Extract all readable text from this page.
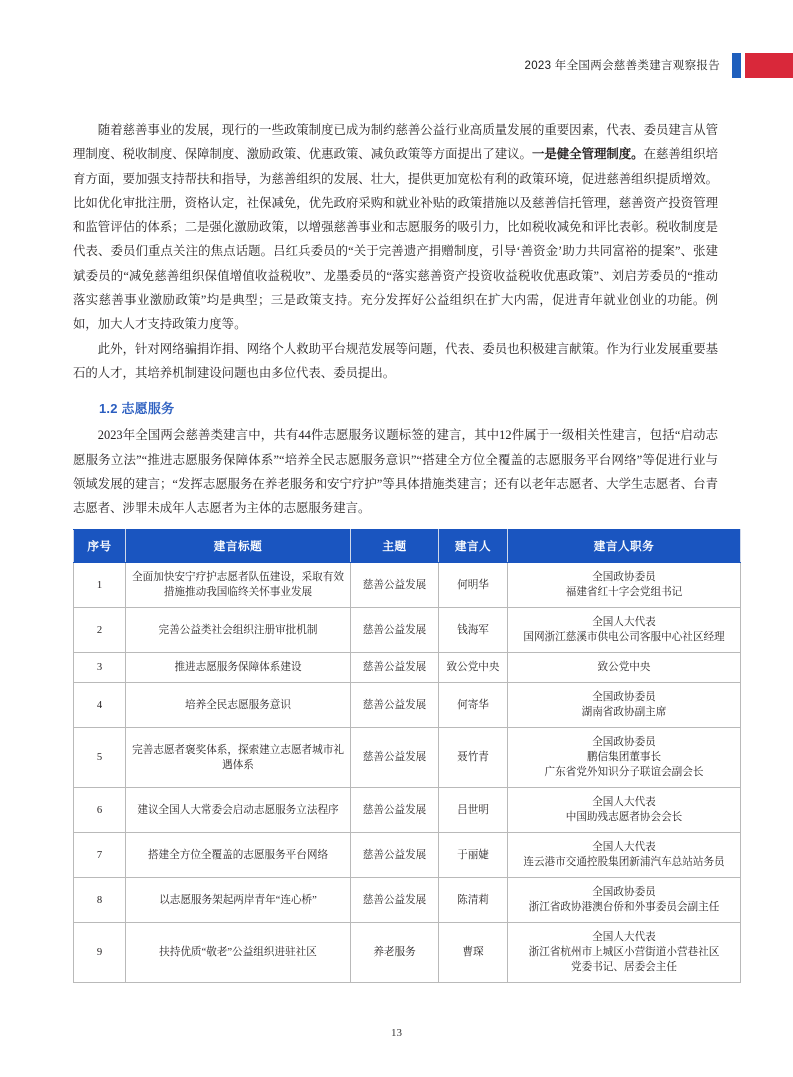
2023 年全国两会慈善类建言观察报告

随着慈善事业的发展，现行的一些政策制度已成为制约慈善公益行业高质量发展的重要因素，代表、委员建言从管理制度、税收制度、保障制度、激励政策、优惠政策、减负政策等方面提出了建议。一是健全管理制度。在慈善组织培育方面，要加强支持帮扶和指导，为慈善组织的发展、壮大，提供更加宽松有利的政策环境，促进慈善组织提质增效。比如优化审批注册，资格认定，社保减免，优先政府采购和就业补贴的政策措施以及慈善信托管理，慈善资产投资管理和监管评估的体系；二是强化激励政策，以增强慈善事业和志愿服务的吸引力，比如税收减免和评比表彰。税收制度是代表、委员们重点关注的焦点话题。吕红兵委员的“关于完善遗产捐赠制度，引导‘善资金’助力共同富裕的提案”、张建斌委员的“减免慈善组织保值增值收益税收”、龙墨委员的“落实慈善资产投资收益税收优惠政策”、刘启芳委员的“推动落实慈善事业激励政策”均是典型；三是政策支持。充分发挥好公益组织在扩大内需，促进青年就业创业的功能。例如，加大人才支持政策力度等。

此外，针对网络骗捐诈捐、网络个人救助平台规范发展等问题，代表、委员也积极建言献策。作为行业发展重要基石的人才，其培养机制建设问题也由多位代表、委员提出。

1.2 志愿服务

2023年全国两会慈善类建言中，共有44件志愿服务议题标签的建言，其中12件属于一级相关性建言，包括“启动志愿服务立法”“推进志愿服务保障体系”“培养全民志愿服务意识”“搭建全方位全覆盖的志愿服务平台网络”等促进行业与领域发展的建言；“发挥志愿服务在养老服务和安宁疗护”等具体措施类建言；还有以老年志愿者、大学生志愿者、台青志愿者、涉罪未成年人志愿者为主体的志愿服务建言。

序号	建言标题	主题	建言人	建言人职务
1	全面加快安宁疗护志愿者队伍建设，采取有效措施推动我国临终关怀事业发展	慈善公益发展	何明华	全国政协委员
福建省红十字会党组书记

2	完善公益类社会组织注册审批机制	慈善公益发展	钱海军	全国人大代表
国网浙江慈溪市供电公司客服中心社区经理

3	推进志愿服务保障体系建设	慈善公益发展	致公党中央	致公党中央

4	培养全民志愿服务意识	慈善公益发展	何寄华	全国政协委员
湖南省政协副主席

5	完善志愿者褒奖体系，探索建立志愿者城市礼遇体系	慈善公益发展	聂竹青	全国政协委员
鹏信集团董事长
广东省党外知识分子联谊会副会长

6	建议全国人大常委会启动志愿服务立法程序	慈善公益发展	吕世明	全国人大代表
中国助残志愿者协会会长

7	搭建全方位全覆盖的志愿服务平台网络	慈善公益发展	于丽婕	全国人大代表
连云港市交通控股集团新浦汽车总站站务员

8	以志愿服务架起两岸青年“连心桥”	慈善公益发展	陈清莉	全国政协委员
浙江省政协港澳台侨和外事委员会副主任

9	扶持优质“敬老”公益组织进驻社区	养老服务	曹琛	全国人大代表
浙江省杭州市上城区小营街道小营巷社区
党委书记、居委会主任
13
